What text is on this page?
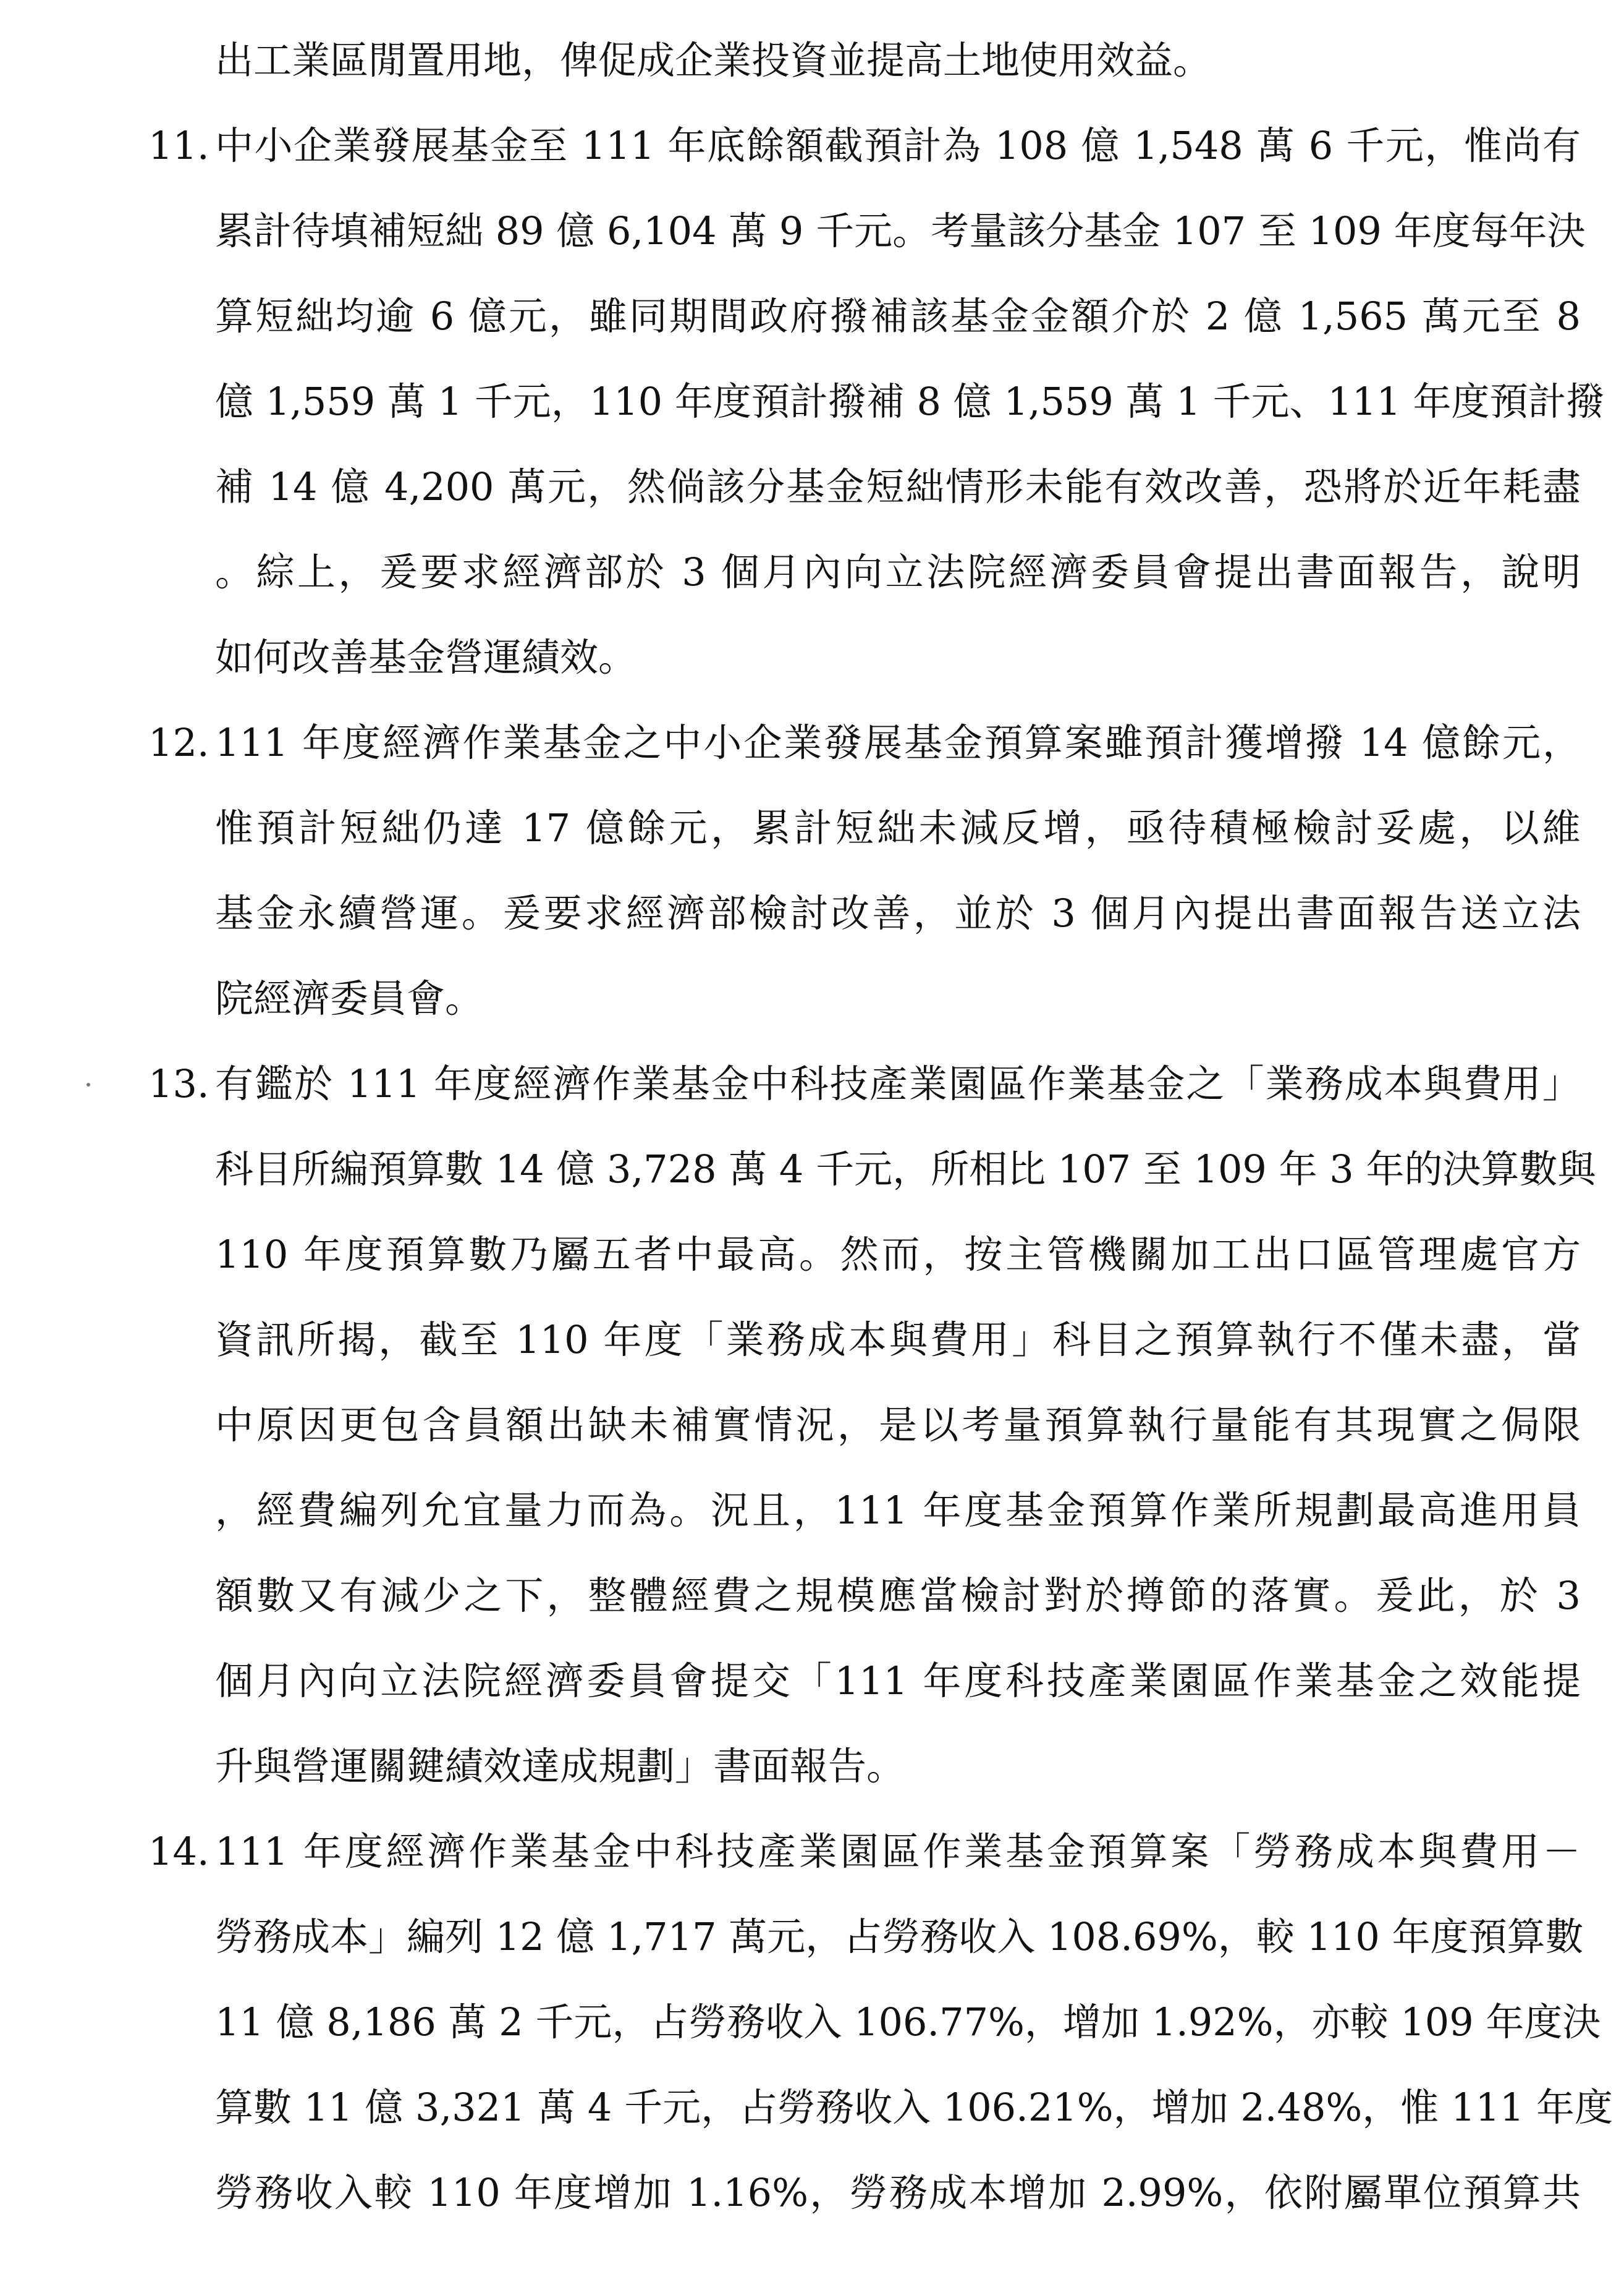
出工業區閒置用地，俾促成企業投資並提高土地使用效益。
11. 中小企業發展基金至 111 年底餘額截預計為 108 億 1,548 萬 6 千元，惟尚有
累計待填補短絀 89 億 6,104 萬 9 千元。考量該分基金 107 至 109 年度每年決
算短絀均逾 6 億元，雖同期間政府撥補該基金金額介於 2 億 1,565 萬元至 8
億 1,559 萬 1 千元，110 年度預計撥補 8 億 1,559 萬 1 千元、111 年度預計撥
補 14 億 4,200 萬元，然倘該分基金短絀情形未能有效改善，恐將於近年耗盡
。綜上，爰要求經濟部於 3 個月內向立法院經濟委員會提出書面報告，說明
如何改善基金營運績效。
12. 111 年度經濟作業基金之中小企業發展基金預算案雖預計獲增撥 14 億餘元，
惟預計短絀仍達 17 億餘元，累計短絀未減反增，亟待積極檢討妥處，以維
基金永續營運。爰要求經濟部檢討改善，並於 3 個月內提出書面報告送立法
院經濟委員會。
13. 有鑑於 111 年度經濟作業基金中科技產業園區作業基金之「業務成本與費用」
科目所編預算數 14 億 3,728 萬 4 千元，所相比 107 至 109 年 3 年的決算數與
110 年度預算數乃屬五者中最高。然而，按主管機關加工出口區管理處官方
資訊所揭，截至 110 年度「業務成本與費用」科目之預算執行不僅未盡，當
中原因更包含員額出缺未補實情況，是以考量預算執行量能有其現實之侷限
，經費編列允宜量力而為。況且，111 年度基金預算作業所規劃最高進用員
額數又有減少之下，整體經費之規模應當檢討對於撙節的落實。爰此，於 3
個月內向立法院經濟委員會提交「111 年度科技產業園區作業基金之效能提
升與營運關鍵績效達成規劃」書面報告。
14. 111 年度經濟作業基金中科技產業園區作業基金預算案「勞務成本與費用－
勞務成本」編列 12 億 1,717 萬元，占勞務收入 108.69%，較 110 年度預算數
11 億 8,186 萬 2 千元，占勞務收入 106.77%，增加 1.92%，亦較 109 年度決
算數 11 億 3,321 萬 4 千元，占勞務收入 106.21%，增加 2.48%，惟 111 年度
勞務收入較 110 年度增加 1.16%，勞務成本增加 2.99%，依附屬單位預算共
